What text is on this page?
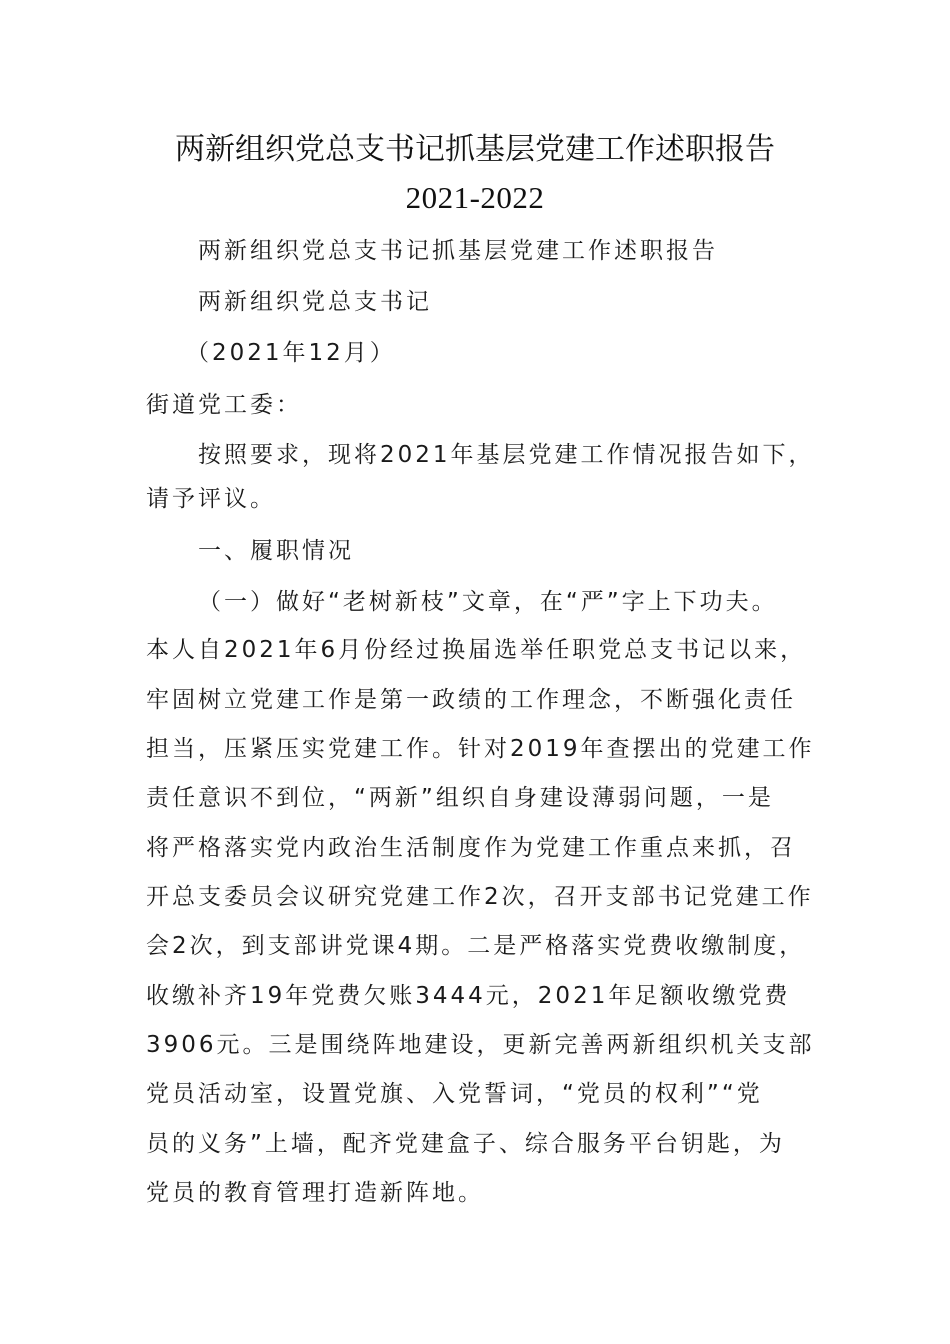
两新组织党总支书记抓基层党建工作述职报告
2021-2022
两新组织党总支书记抓基层党建工作述职报告
两新组织党总支书记
（2021年12月）
街道党工委：
按照要求，现将2021年基层党建工作情况报告如下，
请予评议。
一、履职情况
（一）做好“老树新枝”文章，在“严”字上下功夫。
本人自2021年6月份经过换届选举任职党总支书记以来，
牢固树立党建工作是第一政绩的工作理念，不断强化责任
担当，压紧压实党建工作。针对2019年查摆出的党建工作
责任意识不到位，“两新”组织自身建设薄弱问题，一是
将严格落实党内政治生活制度作为党建工作重点来抓，召
开总支委员会议研究党建工作2次，召开支部书记党建工作
会2次，到支部讲党课4期。二是严格落实党费收缴制度，
收缴补齐19年党费欠账3444元，2021年足额收缴党费
3906元。三是围绕阵地建设，更新完善两新组织机关支部
党员活动室，设置党旗、入党誓词，“党员的权利”“党
员的义务”上墙，配齐党建盒子、综合服务平台钥匙，为
党员的教育管理打造新阵地。
